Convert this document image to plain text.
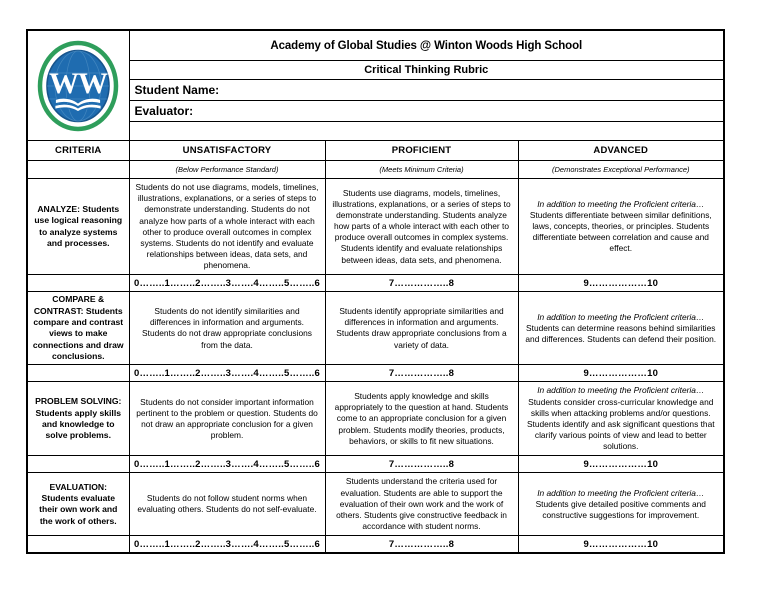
WW	Academy of Global Studies @ Winton Woods High School		
	Critical Thinking Rubric		
	Student Name:		
	Evaluator:		

CRITERIA	UNSATISFACTORY	PROFICIENT	ADVANCED
	(Below Performance Standard)	(Meets Minimum Criteria)	(Demonstrates Exceptional Performance)
ANALYZE: Students use logical reasoning to analyze systems and processes.	Students do not use diagrams, models, timelines, illustrations, explanations, or a series of steps to demonstrate understanding. Students do not analyze how parts of a whole interact with each other to produce overall outcomes in complex systems. Students do not identify and evaluate relationships between ideas, data sets, and phenomena.	Students use diagrams, models, timelines, illustrations, explanations, or a series of steps to demonstrate understanding. Students analyze how parts of a whole interact with each other to produce overall outcomes in complex systems. Students identify and evaluate relationships between ideas, data sets, and phenomena.	In addition to meeting the Proficient criteria…Students differentiate between similar definitions, laws, concepts, theories, or principles. Students differentiate between correlation and cause and effect.
	0……..1……..2……..3…….4……..5……..6	7……………..8	9………………10
COMPARE & CONTRAST: Students compare and contrast views to make connections and draw conclusions.	Students do not identify similarities and differences in information and arguments. Students do not draw appropriate conclusions from the data.	Students identify appropriate similarities and differences in information and arguments. Students draw appropriate conclusions from a variety of data.	In addition to meeting the Proficient criteria…Students can determine reasons behind similarities and differences. Students can defend their position.
	0……..1……..2……..3…….4……..5……..6	7……………..8	9………………10
PROBLEM SOLVING: Students apply skills and knowledge to solve problems.	Students do not consider important information pertinent to the problem or question. Students do not draw an appropriate conclusion for a given problem.	Students apply knowledge and skills appropriately to the question at hand. Students come to an appropriate conclusion for a given problem. Students modify theories, products, behaviors, or skills to fit new situations.	In addition to meeting the Proficient criteria…Students consider cross-curricular knowledge and skills when attacking problems and/or questions. Students identify and ask significant questions that clarify various points of view and lead to better solutions.
	0……..1……..2……..3…….4……..5……..6	7……………..8	9………………10
EVALUATION: Students evaluate their own work and the work of others.	Students do not follow student norms when evaluating others. Students do not self-evaluate.	Students understand the criteria used for evaluation. Students are able to support the evaluation of their own work and the work of others. Students give constructive feedback in accordance with student norms.	In addition to meeting the Proficient criteria…Students give detailed positive comments and constructive suggestions for improvement.
	0……..1……..2……..3…….4……..5……..6	7……………..8	9………………10
